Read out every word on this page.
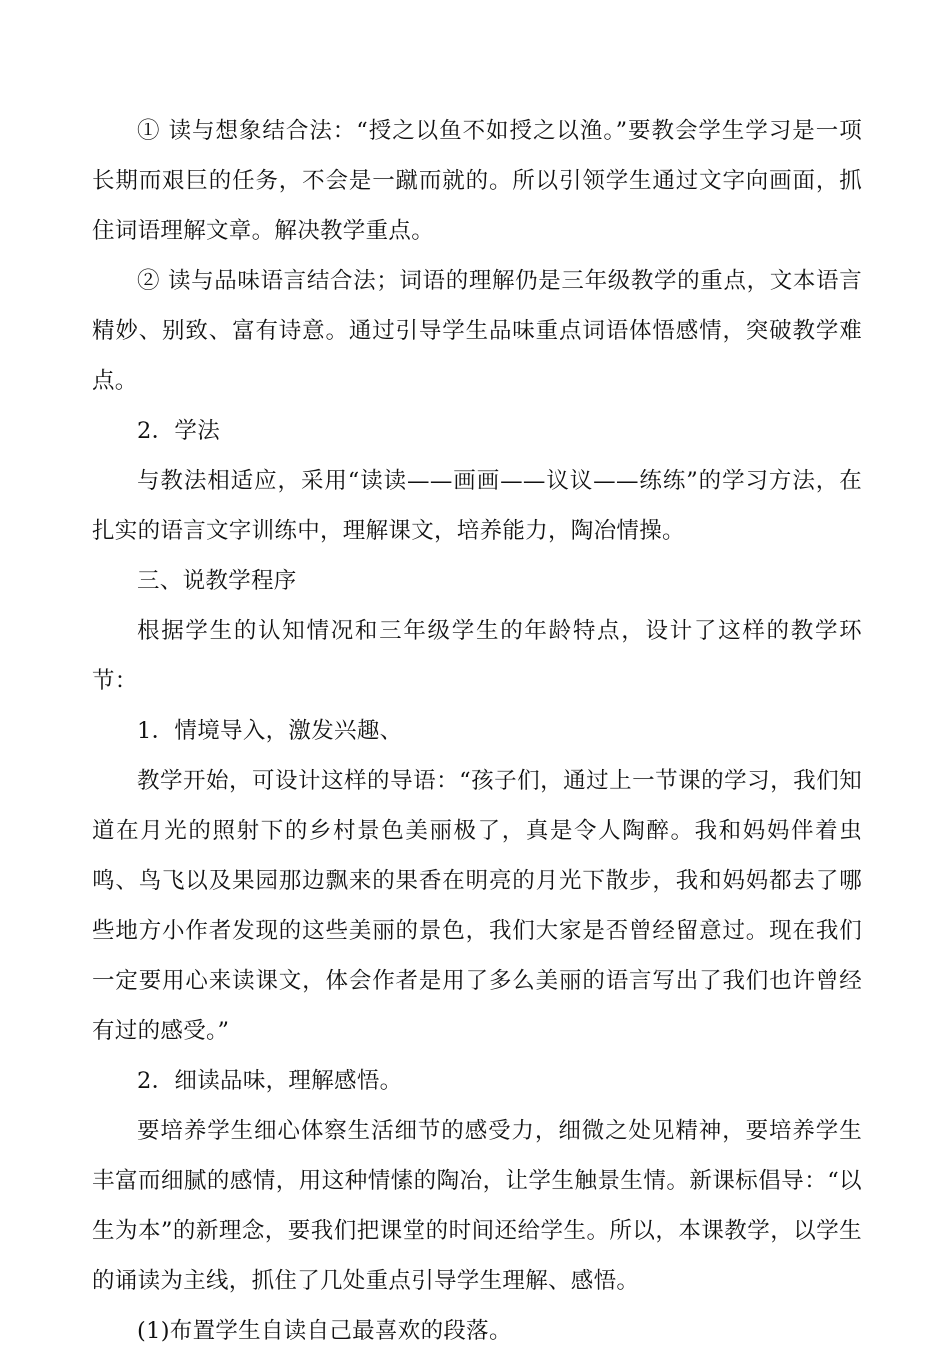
① 读与想象结合法：“授之以鱼不如授之以渔。”要教会学生学习是一项长期而艰巨的任务，不会是一蹴而就的。所以引领学生通过文字向画面，抓住词语理解文章。解决教学重点。

② 读与品味语言结合法；词语的理解仍是三年级教学的重点，文本语言精妙、别致、富有诗意。通过引导学生品味重点词语体悟感情，突破教学难点。

2．学法

与教法相适应，采用“读读——画画——议议——练练”的学习方法，在扎实的语言文字训练中，理解课文，培养能力，陶冶情操。

三、说教学程序

根据学生的认知情况和三年级学生的年龄特点，设计了这样的教学环节：

1．情境导入，激发兴趣、

教学开始，可设计这样的导语：“孩子们，通过上一节课的学习，我们知道在月光的照射下的乡村景色美丽极了，真是令人陶醉。我和妈妈伴着虫鸣、鸟飞以及果园那边飘来的果香在明亮的月光下散步，我和妈妈都去了哪些地方小作者发现的这些美丽的景色，我们大家是否曾经留意过。现在我们一定要用心来读课文，体会作者是用了多么美丽的语言写出了我们也许曾经有过的感受。”

2．细读品味，理解感悟。

要培养学生细心体察生活细节的感受力，细微之处见精神，要培养学生丰富而细腻的感情，用这种情愫的陶冶，让学生触景生情。新课标倡导：“以生为本”的新理念，要我们把课堂的时间还给学生。所以，本课教学，以学生的诵读为主线，抓住了几处重点引导学生理解、感悟。

(1)布置学生自读自己最喜欢的段落。
